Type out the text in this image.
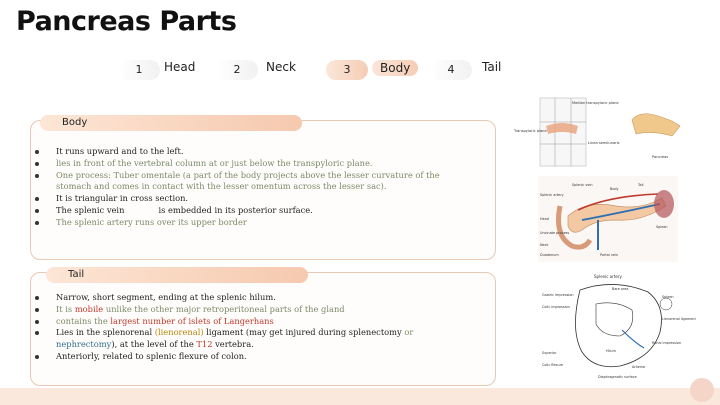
Pancreas Parts
1	Head	2	Neck	3	Body	4	Tail
Body
It runs upward and to the left.
lies in front of the vertebral column at or just below the transpyloric plane.
One process: Tuber omentale (a part of the body projects above the lesser curvature of the stomach and comes in contact with the lesser omentum across the lesser sac).
It is triangular in cross section.
The splenic vein	is embedded in its posterior surface.
The splenic artery runs over its upper border
Tail
Narrow, short segment, ending at the splenic hilum.
It is mobile unlike the other major retroperitoneal parts of the gland
contains the largest number of islets of Langerhans
Lies in the splenorenal (lienorenal) ligament (may get injured during splenectomy or nephrectomy), at the level of the T12 vertebra.
Anteriorly, related to splenic flexure of colon.
Transpyloric plane
Median transpyloric plane
Linea semilunaris
Pancreas
Splenic vein
Body
Tail
Spleen
Splenic artery
Portal vein
Head
Uncinate process
Neck
Duodenum
Splenic artery
Bare area
Gastric impression
Colic impression
Spleen
Lienorenal ligament
Hilum
Superior
Anterior
Colic flexure
Diaphragmatic surface
Renal impression
